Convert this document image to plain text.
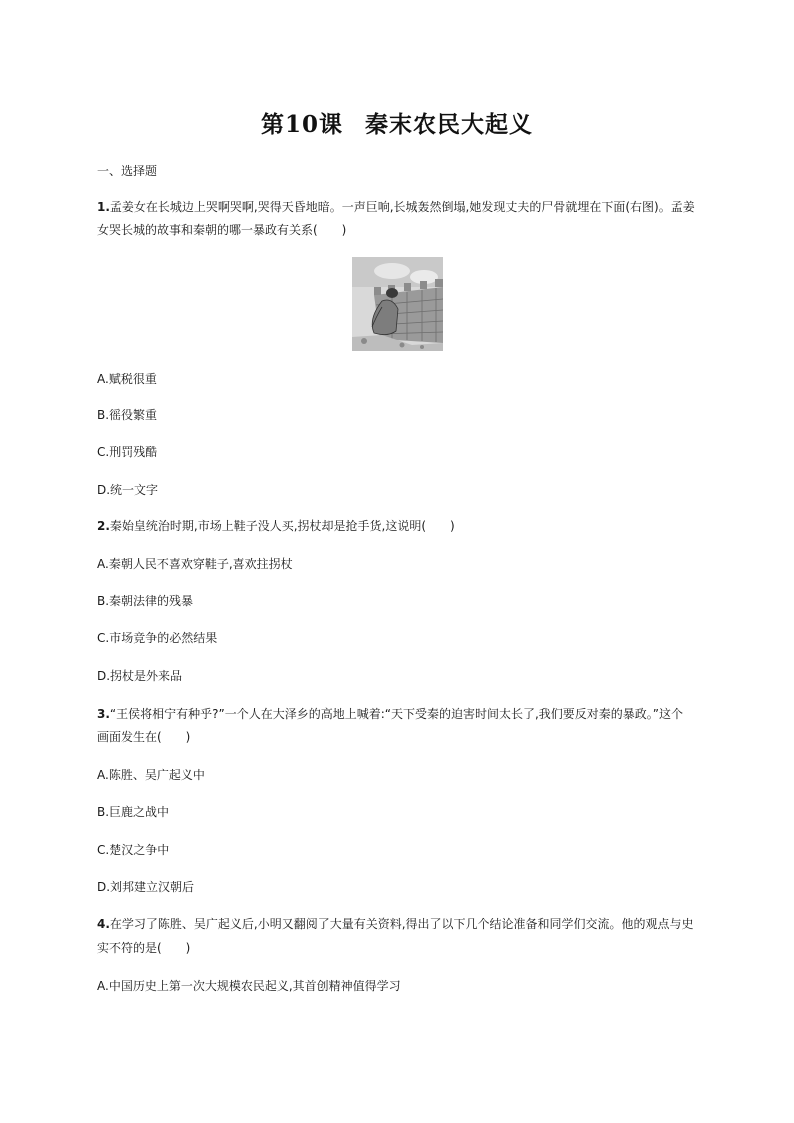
第10课 秦末农民大起义
一、选择题
1.孟姜女在长城边上哭啊哭啊,哭得天昏地暗。一声巨响,长城轰然倒塌,她发现丈夫的尸骨就埋在下面(右图)。孟姜
女哭长城的故事和秦朝的哪一暴政有关系(　　)
A.赋税很重
B.徭役繁重
C.刑罚残酷
D.统一文字
2.秦始皇统治时期,市场上鞋子没人买,拐杖却是抢手货,这说明(　　)
A.秦朝人民不喜欢穿鞋子,喜欢拄拐杖
B.秦朝法律的残暴
C.市场竞争的必然结果
D.拐杖是外来品
3.“王侯将相宁有种乎?”一个人在大泽乡的高地上喊着:“天下受秦的迫害时间太长了,我们要反对秦的暴政。”这个
画面发生在(　　)
A.陈胜、吴广起义中
B.巨鹿之战中
C.楚汉之争中
D.刘邦建立汉朝后
4.在学习了陈胜、吴广起义后,小明又翻阅了大量有关资料,得出了以下几个结论准备和同学们交流。他的观点与史
实不符的是(　　)
A.中国历史上第一次大规模农民起义,其首创精神值得学习
